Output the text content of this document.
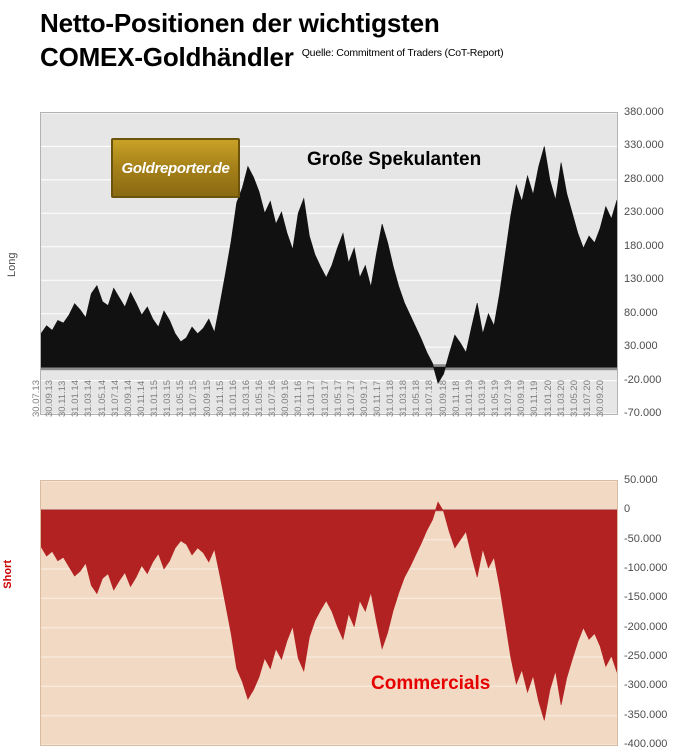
Netto-Positionen der wichtigsten
COMEX-Goldhändler Quelle: Commitment of Traders (CoT-Report)
Long
Goldreporter.de	Große Spekulanten
380.000
330.000
280.000
230.000
180.000
130.000
80.000
30.000
-20.000
-70.000
30.07.13 30.09.13 30.11.13 31.01.14 31.03.14 31.05.14 31.07.14 30.09.14 30.11.14 31.01.15 31.03.15 31.05.15 31.07.15 30.09.15 30.11.15 31.01.16 31.03.16 31.05.16 31.07.16 30.09.16 30.11.16 31.01.17 31.03.17 31.05.17 31.07.17 30.09.17 30.11.17 31.01.18 31.03.18 31.05.18 31.07.18 30.09.18 30.11.18 31.01.19 31.03.19 31.05.19 31.07.19 30.09.19 30.11.19 31.01.20 31.03.20 31.05.20 31.07.20 30.09.20
Short
Commercials
50.000
0
-50.000
-100.000
-150.000
-200.000
-250.000
-300.000
-350.000
-400.000
